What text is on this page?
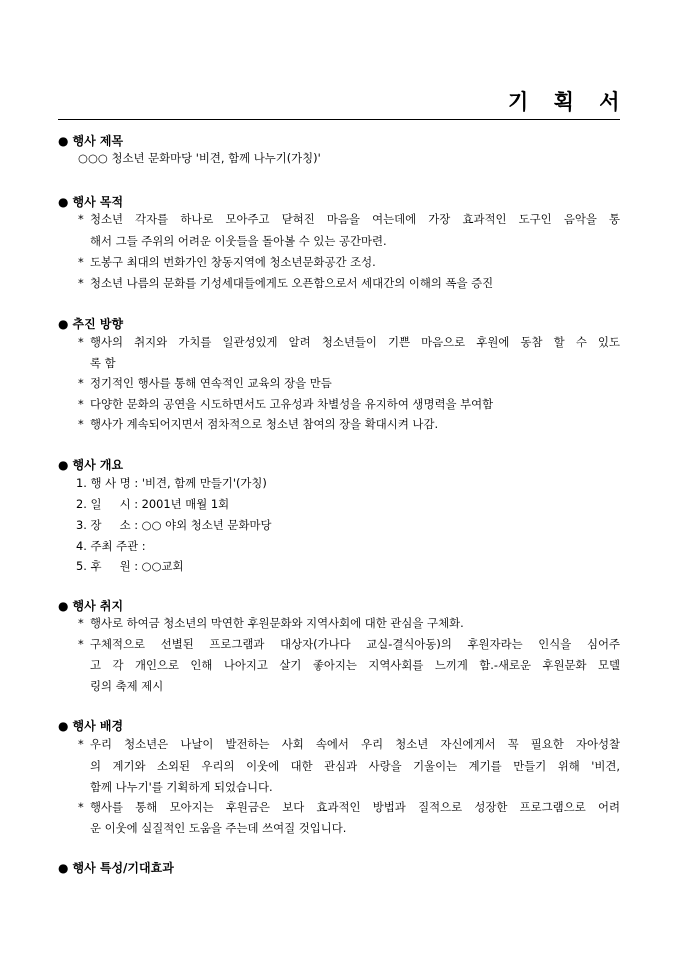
기 획 서
● 행사 제목
○○○ 청소년 문화마당 '비견, 함께 나누기(가칭)'
● 행사 목적
* 청소년 각자를 하나로 모아주고 닫혀진 마음을 여는데에 가장 효과적인 도구인 음악을 통
해서 그들 주위의 어려운 이웃들을 돌아볼 수 있는 공간마련.
* 도봉구 최대의 번화가인 창동지역에 청소년문화공간 조성.
* 청소년 나름의 문화를 기성세대들에게도 오픈함으로서 세대간의 이해의 폭을 증진
● 추진 방향
* 행사의 취지와 가치를 일관성있게 알려 청소년들이 기쁜 마음으로 후원에 동참 할 수 있도
록 함
* 정기적인 행사를 통해 연속적인 교육의 장을 만듬
* 다양한 문화의 공연을 시도하면서도 고유성과 차별성을 유지하여 생명력을 부여함
* 행사가 계속되어지면서 점차적으로 청소년 참여의 장을 확대시켜 나감.
● 행사 개요
1. 행 사 명 : '비견, 함께 만들기'(가칭)
2. 일     시 : 2001년 매월 1회
3. 장     소 : ○○ 야외 청소년 문화마당
4. 주최 주관 :
5. 후     원 : ○○교회
● 행사 취지
* 행사로 하여금 청소년의 막연한 후원문화와 지역사회에 대한 관심을 구체화.
* 구체적으로 선별된 프로그램과 대상자(가나다 교실-결식아동)의 후원자라는 인식을 심어주
고 각 개인으로 인해 나아지고 살기 좋아지는 지역사회를 느끼게 함.-새로운 후원문화 모델
링의 축제 제시
● 행사 배경
* 우리 청소년은 나날이 발전하는 사회 속에서 우리 청소년 자신에게서 꼭 필요한 자아성찰
의 계기와 소외된 우리의 이웃에 대한 관심과 사랑을 기울이는 계기를 만들기 위해 '비견,
함께 나누기'를 기획하게 되었습니다.
* 행사를 통해 모아지는 후원금은 보다 효과적인 방법과 질적으로 성장한 프로그램으로 어려
운 이웃에 실질적인 도움을 주는데 쓰여질 것입니다.
● 행사 특성/기대효과
